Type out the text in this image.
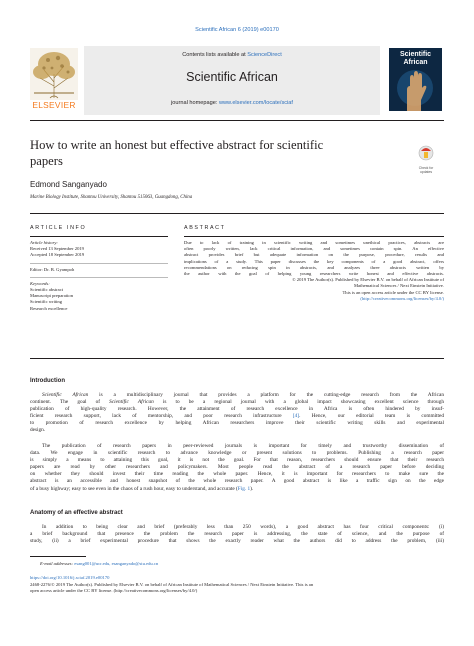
Scientific African 6 (2019) e00170
ELSEVIER
Contents lists available at ScienceDirect
Scientific African
journal homepage: www.elsevier.com/locate/sciaf
Scientific
African
How to write an honest but effective abstract for scientific
papers
Check for
updates
Edmond Sanganyado
Marine Biology Institute, Shantou University, Shantou 515063, Guangdong, China
ARTICLE INFO
Article history:
Received 13 September 2019
Accepted 18 September 2019
Editor: Dr. B. Gyampoh
Keywords:
Scientific abstract
Manuscript preparation
Scientific writing
Research excellence
ABSTRACT
Due to lack of training in scientific writing and sometimes unethical practices, abstracts are
often poorly written, lack critical information, and sometimes contain spin. An effective
abstract provides brief but adequate information on the purpose, procedure, results and
implications of a study. This paper discusses the key components of a good abstract, offers
recommendations on reducing spin in abstracts, and analyzes three abstracts written by
the author with the goal of helping young researchers write honest and effective abstracts.
© 2019 The Author(s). Published by Elsevier B.V. on behalf of African Institute of
Mathematical Sciences / Next Einstein Initiative.
This is an open access article under the CC BY license.
(http://creativecommons.org/licenses/by/4.0/)
Introduction
Scientific African is a multidisciplinary journal that provides a platform for the cutting-edge research from the African
continent. The goal of Scientific African is to be a regional journal with a global impact showcasing excellent science through
publication of high-quality research. However, the attainment of research excellence in Africa is often hindered by insuf-
ficient research support, lack of mentorship, and poor research infrastructure [4]. Hence, our editorial team is committed
to promotion of research excellence by helping African researchers improve their scientific writing skills and experimental
design.
The publication of research papers in peer-reviewed journals is important for timely and trustworthy dissemination of
data. We engage in scientific research to advance knowledge or present solutions to problems. Publishing a research paper
is simply a means to attaining this goal, it is not the goal. For that reason, researchers should ensure that their research
papers are read by other researchers and policymakers. Most people read the abstract of a research paper before deciding
on whether they should invest their time reading the whole paper. Hence, it is important for researchers to make sure the
abstract is an accessible and honest snapshot of the whole research paper. A good abstract is like a traffic sign on the edge
of a busy highway; easy to see even in the chaos of a rush hour, easy to understand, and accurate (Fig. 1).
Anatomy of an effective abstract
In addition to being clear and brief (preferably less than 250 words), a good abstract has four critical components: (i)
a brief background that presence the problem the research paper is addressing, the state of science, and the purpose of
study, (ii) a brief experimental procedure that shows the exactly reader what the authors did to address the problem, (iii)
E-mail addresses: esang001@ucr.edu, esanganyado@stu.edu.cn
https://doi.org/10.1016/j.sciaf.2019.e00170
2468-2276/© 2019 The Author(s). Published by Elsevier B.V. on behalf of African Institute of Mathematical Sciences / Next Einstein Initiative. This is an
open access article under the CC BY license. (http://creativecommons.org/licenses/by/4.0/)
